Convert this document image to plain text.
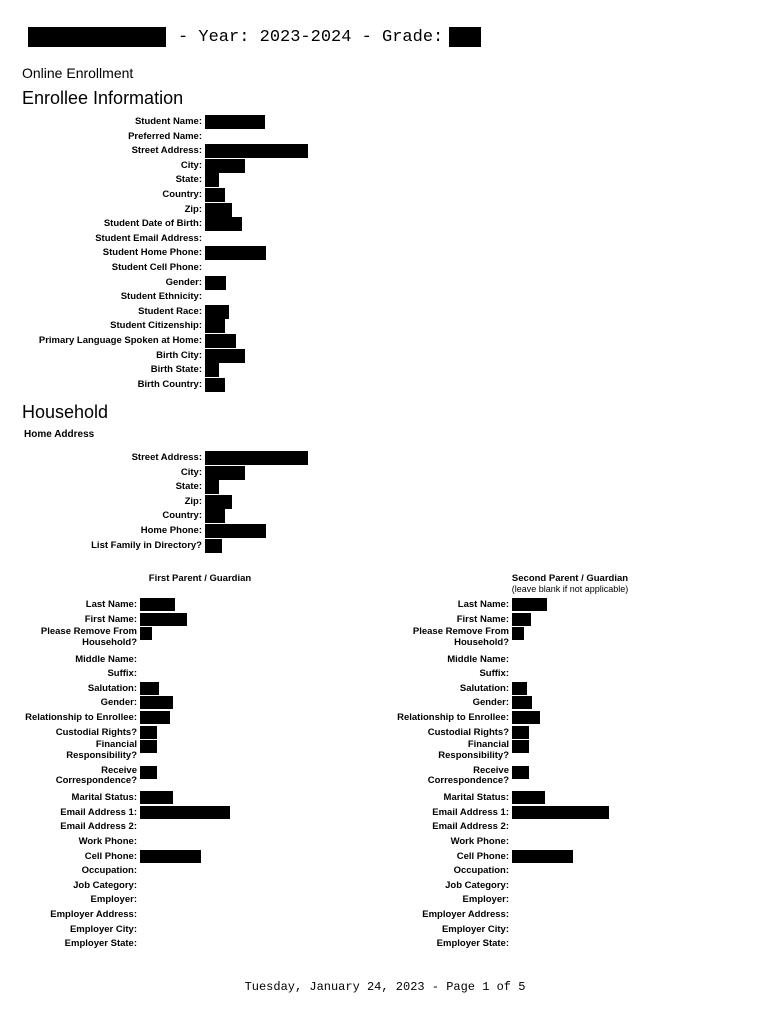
- Year: 2023-2024 - Grade:
Online Enrollment
Enrollee Information
Student Name:
Preferred Name:
Street Address:
City:
State:
Country:
Zip:
Student Date of Birth:
Student Email Address:
Student Home Phone:
Student Cell Phone:
Gender:
Student Ethnicity:
Student Race:
Student Citizenship:
Primary Language Spoken at Home:
Birth City:
Birth State:
Birth Country:
Household
Home Address
Street Address:
City:
State:
Zip:
Country:
Home Phone:
List Family in Directory?
First Parent / Guardian	Second Parent / Guardian
(leave blank if not applicable)
Last Name:
First Name:
Please Remove From
Household?
Middle Name:
Suffix:
Salutation:
Gender:
Relationship to Enrollee:
Custodial Rights?
Financial
Responsibility?
Receive
Correspondence?
Marital Status:
Email Address 1:
Email Address 2:
Work Phone:
Cell Phone:
Occupation:
Job Category:
Employer:
Employer Address:
Employer City:
Employer State:
Last Name:
First Name:
Please Remove From
Household?
Middle Name:
Suffix:
Salutation:
Gender:
Relationship to Enrollee:
Custodial Rights?
Financial
Responsibility?
Receive
Correspondence?
Marital Status:
Email Address 1:
Email Address 2:
Work Phone:
Cell Phone:
Occupation:
Job Category:
Employer:
Employer Address:
Employer City:
Employer State:
Tuesday, January 24, 2023 - Page 1 of 5
